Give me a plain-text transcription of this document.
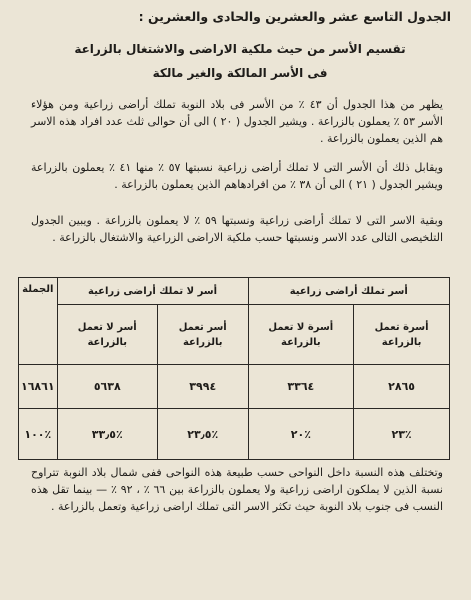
الجدول التاسع عشر والعشرين والحادى والعشرين :
تقسيم الأسر من حيث ملكية الاراضى والاشتغال بالزراعة
فى الأسر المالكة والغير مالكة
يظهر من هذا الجدول أن ٤٣ ٪ من الأسر فى بلاد النوبة تملك أراضى زراعية ومن هؤلاء الأسر ٥٣ ٪ يعملون بالزراعة . ويشير الجدول ( ٢٠ ) الى أن حوالى ثلث عدد افراد هذه الاسر هم الذين يعملون بالزراعة .
ويقابل ذلك أن الأسر التى لا تملك أراضى زراعية نسبتها ٥٧ ٪ منها ٤١ ٪ يعملون بالزراعة ويشير الجدول ( ٢١ ) الى أن ٣٨ ٪ من افرادهاهم الذين يعملون بالزراعة .
وبقية الاسر التى لا تملك أراضى زراعية ونسبتها ٥٩ ٪ لا يعملون بالزراعة . ويبين الجدول التلخيصى التالى عدد الاسر ونسبتها حسب ملكية الاراضى الزراعية والاشتغال بالزراعة .
أسر تملك أراضى زراعية		أسر لا تملك أراضى زراعية		الجملة

أسرة تعمل بالزراعة	أسرة لا تعمل بالزراعة	أسر تعمل بالزراعة	أسر لا تعمل بالزراعة	

٢٨٦٥	٣٣٦٤	٣٩٩٤	٥٦٣٨	١٦٨٦١
٪٢٣	٪٢٠	٪٢٣٫٥	٪٣٣٫٥	٪١٠٠
وتختلف هذه النسبة داخل النواحى حسب طبيعة هذه النواحى ففى شمال بلاد النوبة تتراوح نسبة الذين لا يملكون اراضى زراعية ولا يعملون بالزراعة بين ٦٦ ٪ ، ٩٢ ٪ — بينما تقل هذه النسب فى جنوب بلاد النوبة حيث تكثر الاسر التى تملك اراضى زراعية وتعمل بالزراعة .
